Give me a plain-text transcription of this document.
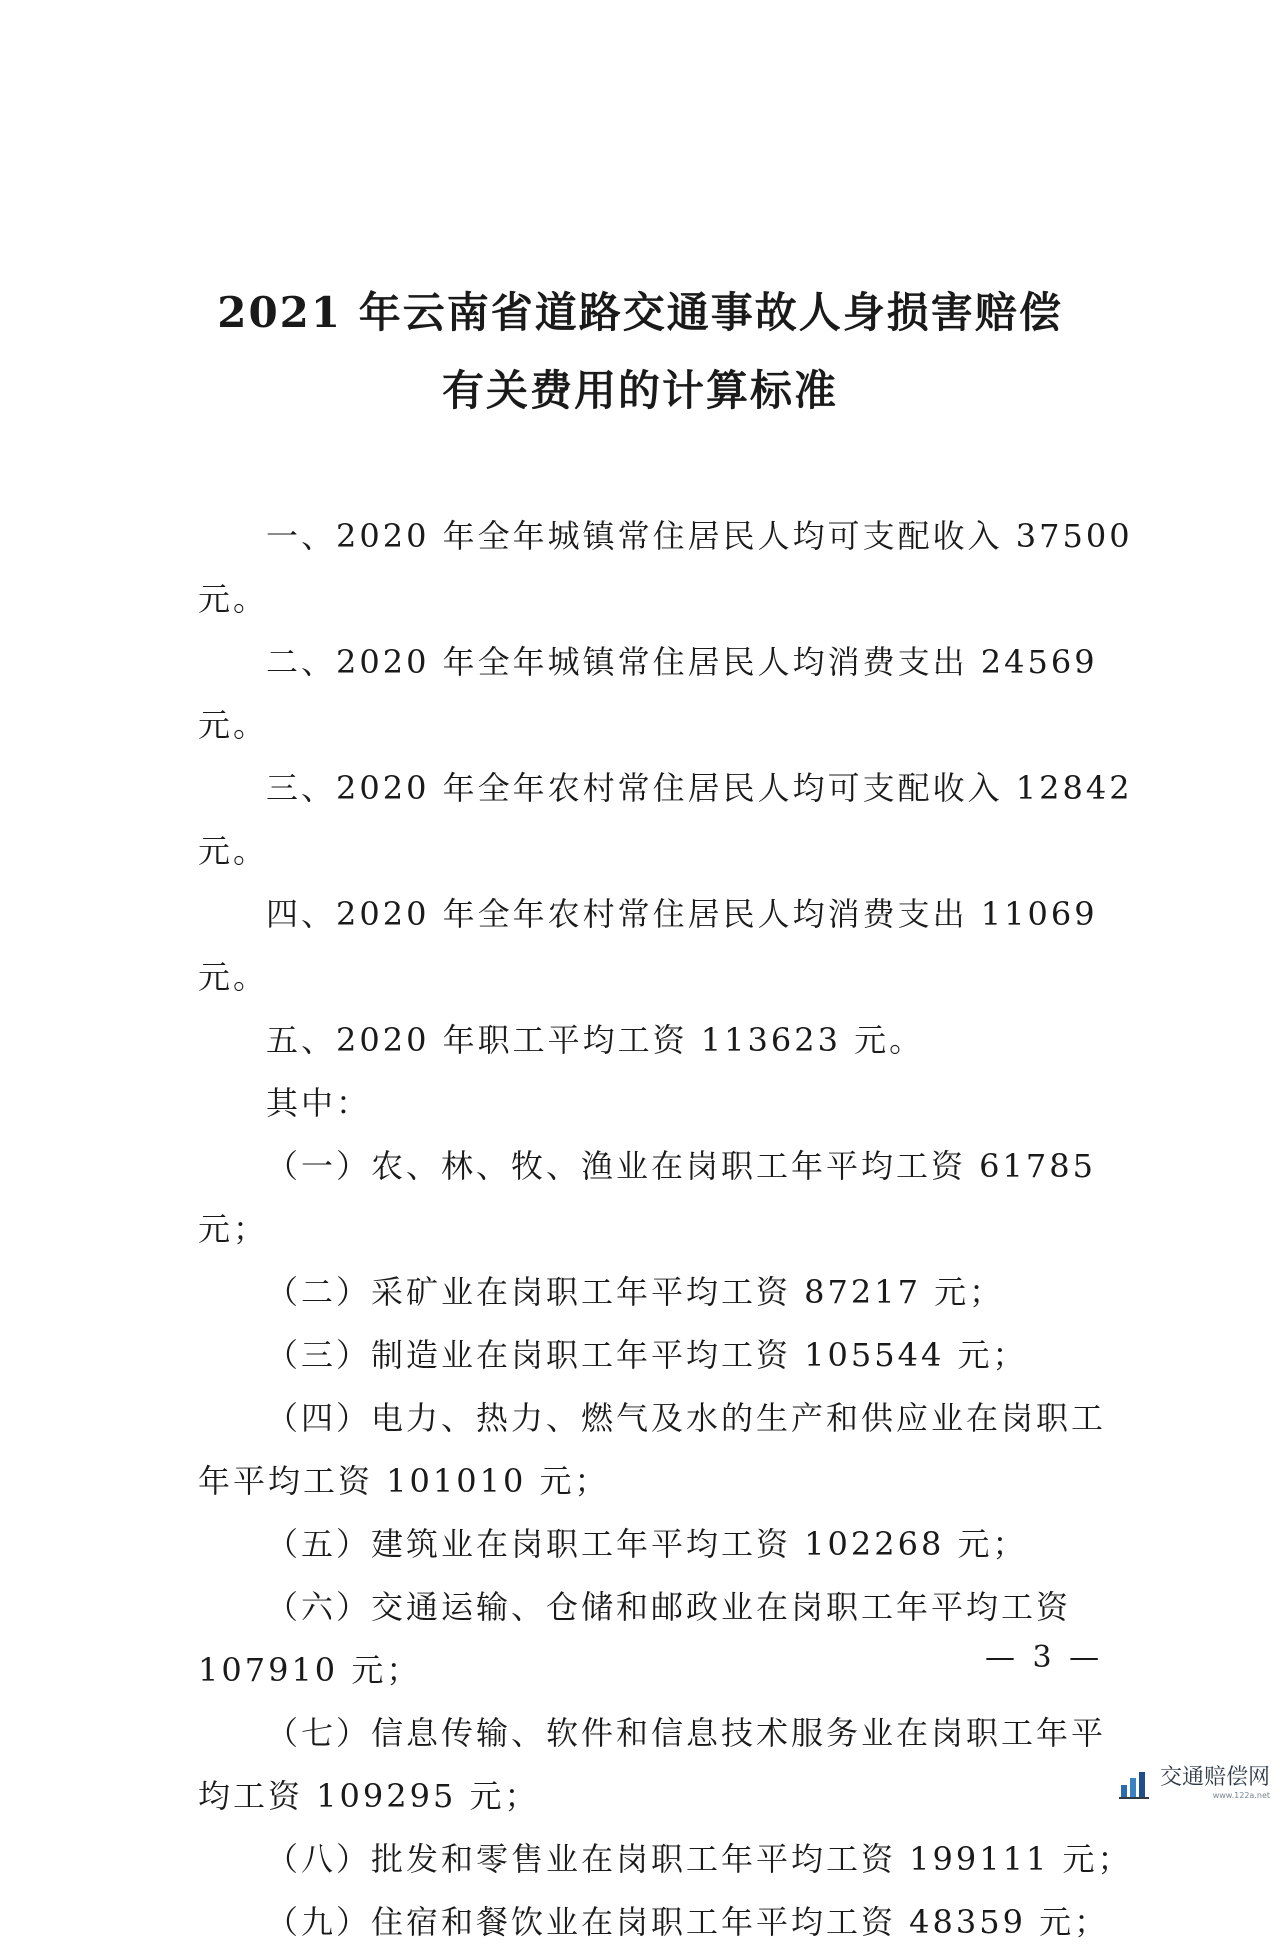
2021 年云南省道路交通事故人身损害赔偿
有关费用的计算标准

一、2020 年全年城镇常住居民人均可支配收入 37500 元。

二、2020 年全年城镇常住居民人均消费支出 24569 元。

三、2020 年全年农村常住居民人均可支配收入 12842 元。

四、2020 年全年农村常住居民人均消费支出 11069 元。

五、2020 年职工平均工资 113623 元。

其中：

（一）农、林、牧、渔业在岗职工年平均工资 61785 元；

（二）采矿业在岗职工年平均工资 87217 元；

（三）制造业在岗职工年平均工资 105544 元；

（四）电力、热力、燃气及水的生产和供应业在岗职工年平均工资 101010 元；

（五）建筑业在岗职工年平均工资 102268 元；

（六）交通运输、仓储和邮政业在岗职工年平均工资 107910 元；

（七）信息传输、软件和信息技术服务业在岗职工年平均工资 109295 元；

（八）批发和零售业在岗职工年平均工资 199111 元；

（九）住宿和餐饮业在岗职工年平均工资 48359 元；

— 3 —
交通赔偿网
www.122a.net
